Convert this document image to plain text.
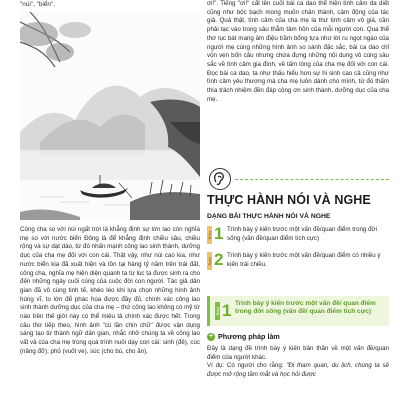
"núi", "biển".

Công cha so với núi ngất trời là khẳng định sự lớn lao cón nghĩa mẹ so với nước biển Đông là để khẳng định chiều sâu, chiều rộng và sự dạt dào, từ đó nhấn mạnh công lao sinh thành, dưỡng dục của cha mẹ đối với con cái. Thật vậy, như núi cao kia, như nước biển kia đã xuất hiện và tồn tại hàng tỷ năm trên trái đất, công cha, nghĩa mẹ hiện diện quanh ta từ lúc ta được sinh ra cho đến những ngày cuối cùng của cuộc đời con người. Tác giả dân gian đã vô cùng tinh tế, khéo léo khi lựa chọn những hình ảnh hùng vĩ, to lớn để phác họa được đầy đủ, chính xác công lao sinh thành dưỡng dục của cha mẹ – thứ công lao không có mỹ từ nào trên thế giới này có thể miêu tả chính xác được hết. Trong câu thơ tiếp theo, hình ảnh "cù lần chín chữ" được vận dụng sáng tạo từ thành ngữ dân gian, nhắc nhở chúng ta về công lao vất vả của cha mẹ trong quá trình nuôi dạy con cái: sinh (đẻ), cúc (nâng đỡ), phủ (vuốt ve), súc (cho bú, cho ăn),

ơi!". Tiếng "ơi!" cất lên cuối bài ca dao thể hiện tình cảm da diết cũng như bộc bạch mong muốn chân thành, cảm động của tác giả. Quả thật, tình cảm của cha mẹ là thứ tình cảm vô giá, cần phải tạc vào trong sâu thẳm tâm hồn của mỗi người con. Qua thể thơ lục bát mang âm điệu trầm bổng tựa như lời ru ngọt ngào của người mẹ cùng những hình ảnh so sánh đặc sắc, bài ca dao chỉ vỏn vẹn bốn câu nhưng chứa đựng những nội dung vô cùng sâu sắc về tình cảm gia đình, về tấm lòng của cha mẹ đối với con cái. Đọc bài ca dao, ta như thấu hiểu hơn sự hi sinh cao cả cũng như tình cảm yêu thương mà cha mẹ luôn dành cho mình, từ đó thấm thía trách nhiệm đền đáp công ơn sinh thành, dưỡng dục của cha mẹ.

THỰC HÀNH NÓI VÀ NGHE
DẠNG BÀI THỰC HÀNH NÓI VÀ NGHE
Dạng 1 Trình bày ý kiến trước một vấn đề/quan điểm trong đời sống (vấn đề/quan điểm tích cực)
Dạng 2 Trình bày ý kiến trước một vấn đề/quan điểm có nhiều ý kiến trái chiều.
Dạng 1 Trình bày ý kiến trước một vấn đề/ quan điểm trong đời sống (vấn đề/ quan điểm tích cực)
+ Phương pháp làm

Đây là dạng đề trình bày ý kiến bản thân về một vấn đề/quan điểm của người khác.

Ví dụ: Có người cho rằng: "Đi tham quan, du lịch, chúng ta sẽ được mở rộng tầm mắt và học hỏi được
